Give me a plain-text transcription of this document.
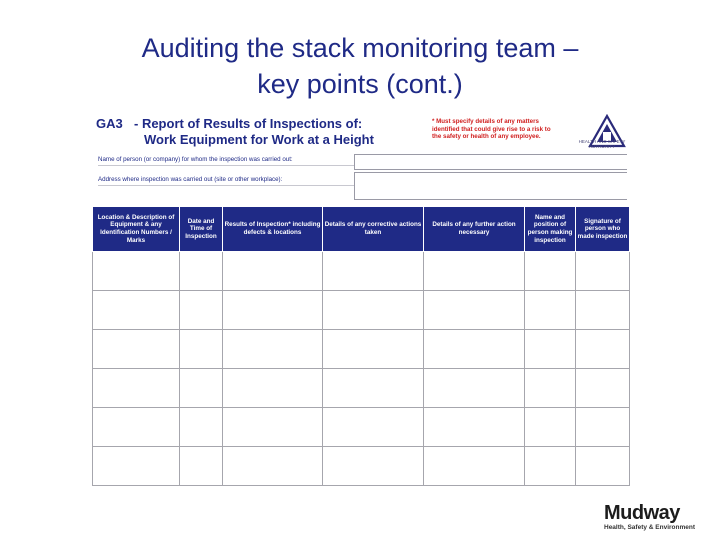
Auditing the stack monitoring team –
key points (cont.)
GA3 - Report of Results of Inspections of:
Work Equipment for Work at a Height
* Must specify details of any matters identified that could give rise to a risk to the safety or health of any employee.
HEALTH AND SAFETY AUTHORITY
Name of person (or company) for whom the inspection was carried out:
Address where inspection was carried out (site or other workplace):
Location & Description of Equipment & any Identification Numbers / Marks	Date and Time of Inspection	Results of Inspection* including defects & locations	Details of any corrective actions taken	Details of any further action necessary	Name and position of person making inspection	Signature of person who made inspection

Mudway
Health, Safety & Environment
